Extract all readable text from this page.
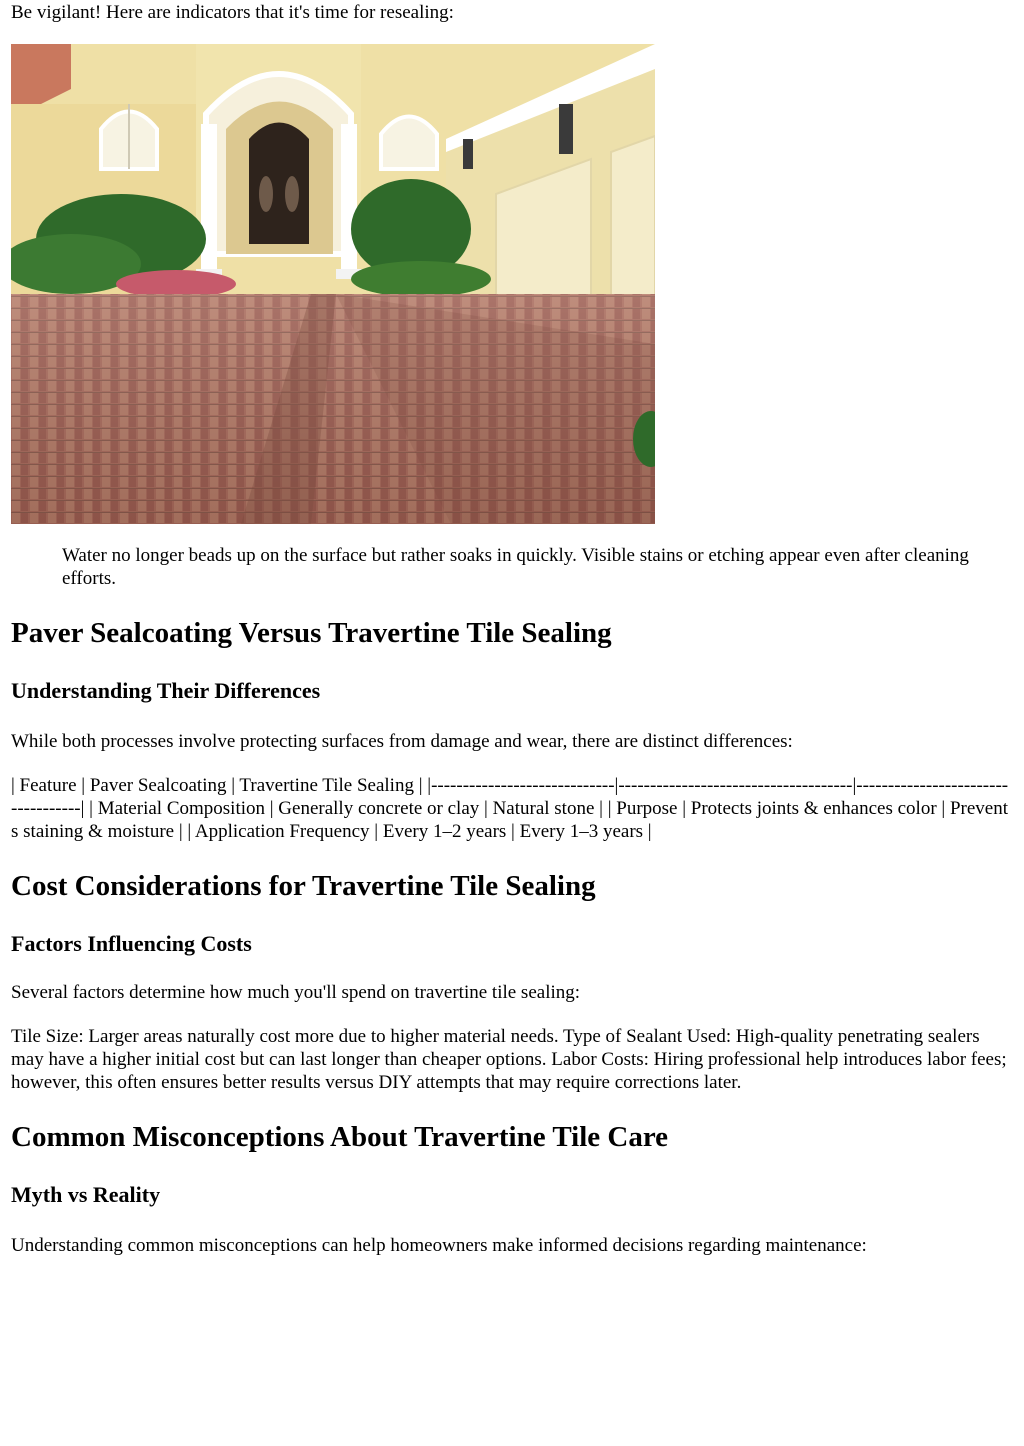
Be vigilant! Here are indicators that it's time for resealing:

Water no longer beads up on the surface but rather soaks in quickly. Visible stains or etching appear even after cleaning efforts.

Paver Sealcoating Versus Travertine Tile Sealing
Understanding Their Differences

While both processes involve protecting surfaces from damage and wear, there are distinct differences:

| Feature | Paver Sealcoating | Travertine Tile Sealing | |-----------------------------|-------------------------------------|-----------------------------------| | Material Composition | Generally concrete or clay | Natural stone | | Purpose | Protects joints & enhances color | Prevents staining & moisture | | Application Frequency | Every 1–2 years | Every 1–3 years |

Cost Considerations for Travertine Tile Sealing
Factors Influencing Costs

Several factors determine how much you'll spend on travertine tile sealing:

Tile Size: Larger areas naturally cost more due to higher material needs. Type of Sealant Used: High-quality penetrating sealers may have a higher initial cost but can last longer than cheaper options. Labor Costs: Hiring professional help introduces labor fees; however, this often ensures better results versus DIY attempts that may require corrections later.

Common Misconceptions About Travertine Tile Care
Myth vs Reality

Understanding common misconceptions can help homeowners make informed decisions regarding maintenance:
